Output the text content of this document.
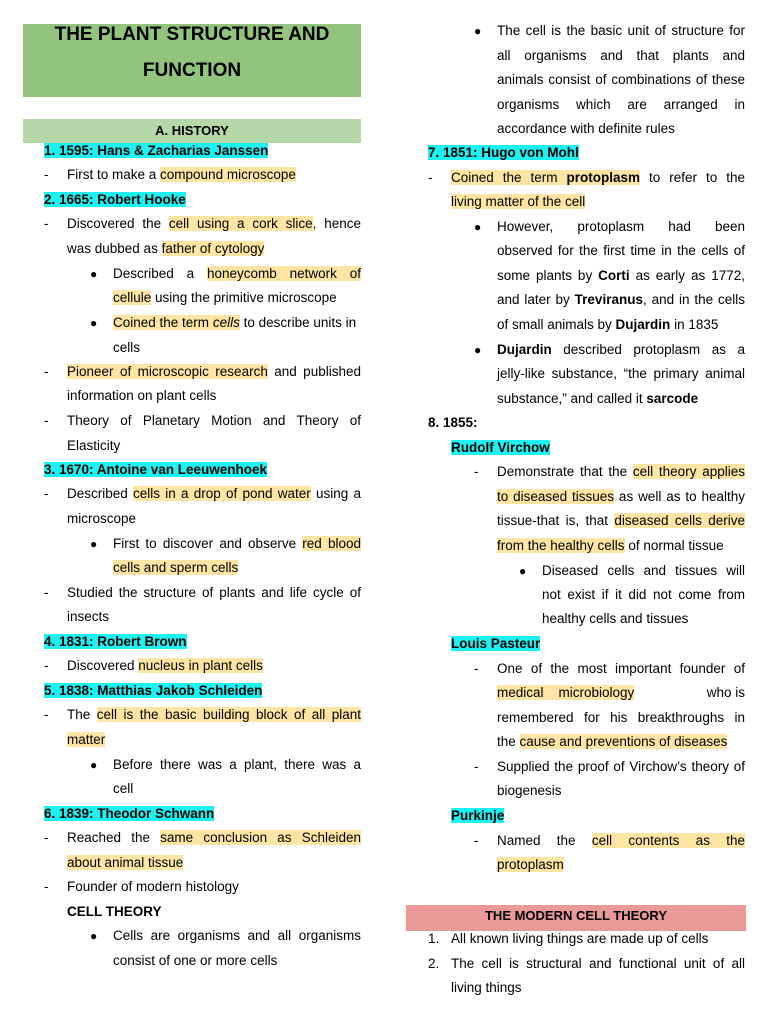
THE PLANT STRUCTURE AND
FUNCTION
A. HISTORY
1. 1595: Hans & Zacharias Janssen
- First to make a compound microscope
2. 1665: Robert Hooke
- Discovered the cell using a cork slice, hence
was dubbed as father of cytology
● Described a honeycomb network of
cellule using the primitive microscope
● Coined the term cells to describe units in
cells
- Pioneer of microscopic research and published
information on plant cells
- Theory of Planetary Motion and Theory of
Elasticity
3. 1670: Antoine van Leeuwenhoek
- Described cells in a drop of pond water using a
microscope
● First to discover and observe red blood
cells and sperm cells
- Studied the structure of plants and life cycle of
insects
4. 1831: Robert Brown
- Discovered nucleus in plant cells
5. 1838: Matthias Jakob Schleiden
- The cell is the basic building block of all plant
matter
● Before there was a plant, there was a
cell
6. 1839: Theodor Schwann
- Reached the same conclusion as Schleiden
about animal tissue
- Founder of modern histology
CELL THEORY
● Cells are organisms and all organisms
consist of one or more cells
● The cell is the basic unit of structure for
all organisms and that plants and
animals consist of combinations of these
organisms which are arranged in
accordance with definite rules
7. 1851: Hugo von Mohl
- Coined the term protoplasm to refer to the
living matter of the cell
● However, protoplasm had been
observed for the first time in the cells of
some plants by Corti as early as 1772,
and later by Treviranus, and in the cells
of small animals by Dujardin in 1835
● Dujardin described protoplasm as a
jelly-like substance, “the primary animal
substance,” and called it sarcode
8. 1855:
Rudolf Virchow
- Demonstrate that the cell theory applies
to diseased tissues as well as to healthy
tissue-that is, that diseased cells derive
from the healthy cells of normal tissue
● Diseased cells and tissues will
not exist if it did not come from
healthy cells and tissues
Louis Pasteur
- One of the most important founder of
medical    microbiology	who is
remembered for his breakthroughs in
the cause and preventions of diseases
- Supplied the proof of Virchow’s theory of
biogenesis
Purkinje
- Named the cell contents as the
protoplasm
THE MODERN CELL THEORY
1. All known living things are made up of cells
2. The cell is structural and functional unit of all
living things
